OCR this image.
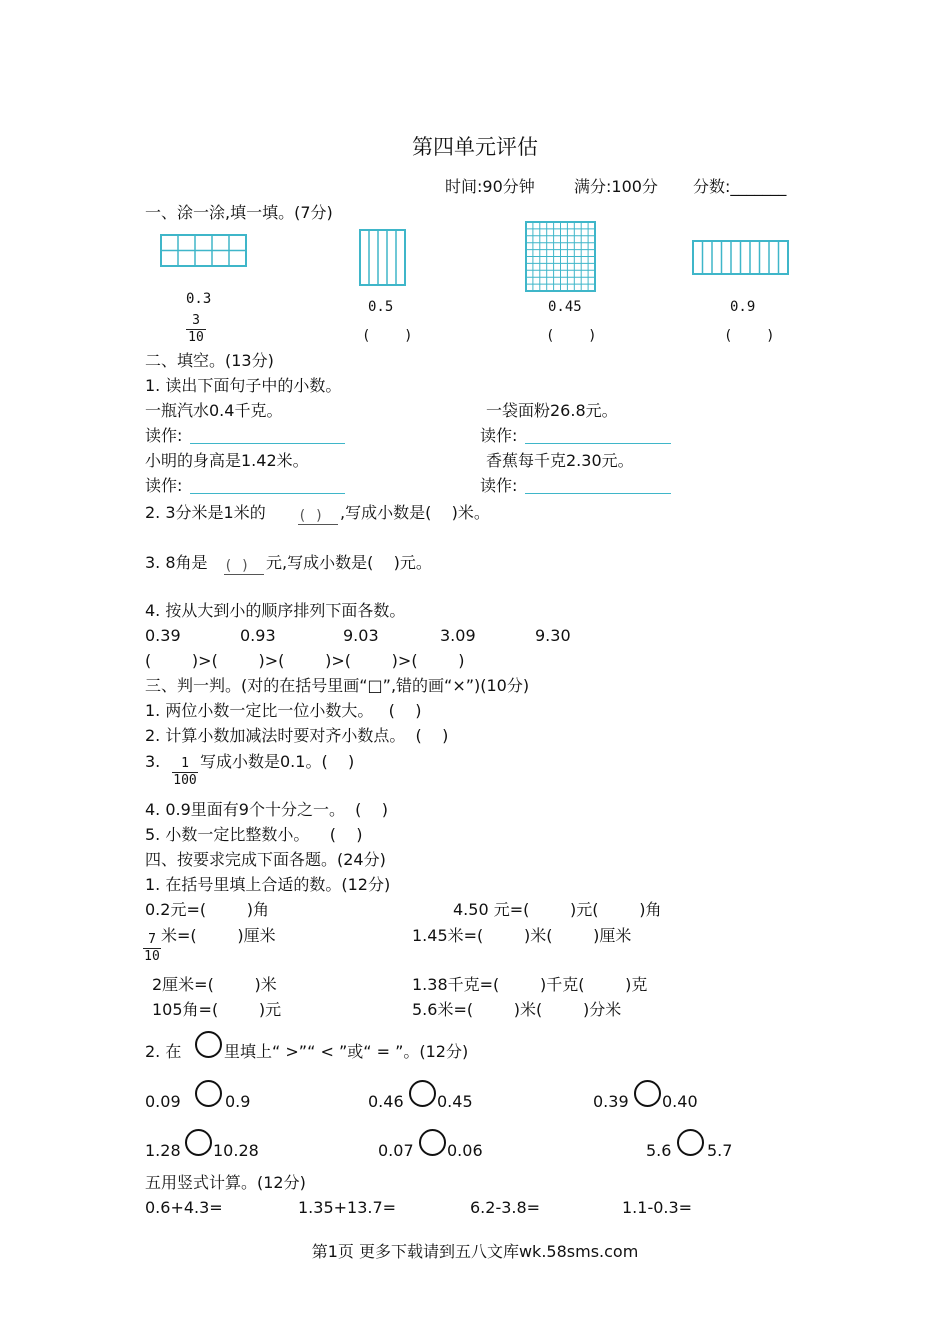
第四单元评估
时间:90分钟 满分:100分 分数:_______
一、涂一涂,填一填。(7分)
0.3
3
10
0.5
(    )
0.45
(    )
0.9
(    )
二、填空。(13分)
1. 读出下面句子中的小数。
一瓶汽水0.4千克。	一袋面粉26.8元。
读作:	读作:
小明的身高是1.42米。	香蕉每千克2.30元。
读作:	读作:
2. 3分米是1米的 ( )	,写成小数是(    )米。
3. 8角是 ( )	元,写成小数是(    )元。
4. 按从大到小的顺序排列下面各数。
0.39	0.93	9.03	3.09	9.30
(        )>(        )>(        )>(        )>(        )
三、判一判。(对的在括号里画“□”,错的画“×”)(10分)
1. 两位小数一定比一位小数大。   (    )
2. 计算小数加减法时要对齐小数点。  (    )
3. 1
100
写成小数是0.1。(    )
4. 0.9里面有9个十分之一。  (    )
5. 小数一定比整数小。    (    )
四、按要求完成下面各题。(24分)
1. 在括号里填上合适的数。(12分)
0.2元=(        )角	4.50 元=(        )元(        )角
7
10
米=(        )厘米	1.45米=(        )米(        )厘米
2厘米=(        )米	1.38千克=(        )千克(        )克
105角=(        )元	5.6米=(        )米(        )分米
2. 在	里填上“ >”“ < ”或“ = ”。(12分)
0.09	0.9	0.46 0.45	0.39 0.40
1.28 10.28	0.07 0.06	5.6 5.7
五用竖式计算。(12分)
0.6+4.3=	1.35+13.7=	6.2-3.8=	1.1-0.3=
第1页 更多下载请到五八文库wk.58sms.com
